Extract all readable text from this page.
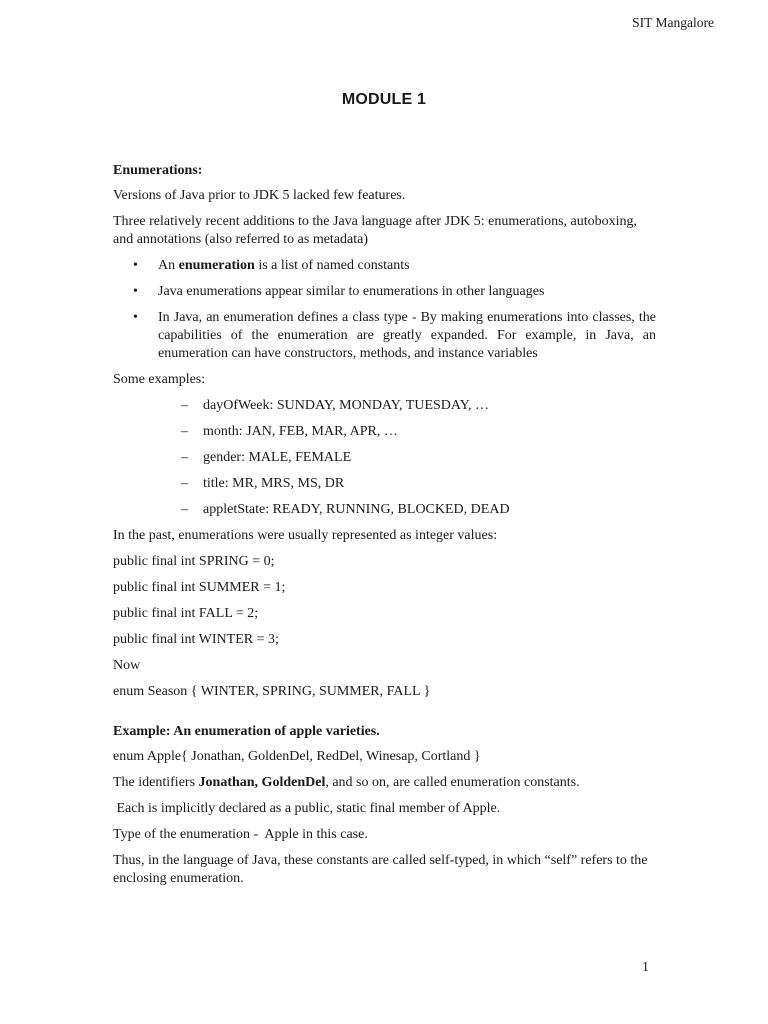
SIT Mangalore
MODULE 1
Enumerations:

Versions of Java prior to JDK 5 lacked few features.

Three relatively recent additions to the Java language after JDK 5: enumerations, autoboxing, and annotations (also referred to as metadata)

• An enumeration is a list of named constants
• Java enumerations appear similar to enumerations in other languages
• In Java, an enumeration defines a class type - By making enumerations into classes, the capabilities of the enumeration are greatly expanded. For example, in Java, an enumeration can have constructors, methods, and instance variables

Some examples:

– dayOfWeek: SUNDAY, MONDAY, TUESDAY, …
– month: JAN, FEB, MAR, APR, …
– gender: MALE, FEMALE
– title: MR, MRS, MS, DR
– appletState: READY, RUNNING, BLOCKED, DEAD

In the past, enumerations were usually represented as integer values:

public final int SPRING = 0;

public final int SUMMER = 1;

public final int FALL = 2;

public final int WINTER = 3;

Now

enum Season { WINTER, SPRING, SUMMER, FALL }

Example: An enumeration of apple varieties.

enum Apple{ Jonathan, GoldenDel, RedDel, Winesap, Cortland }

The identifiers Jonathan, GoldenDel, and so on, are called enumeration constants.

Each is implicitly declared as a public, static final member of Apple.

Type of the enumeration -  Apple in this case.

Thus, in the language of Java, these constants are called self-typed, in which “self” refers to the enclosing enumeration.

1
